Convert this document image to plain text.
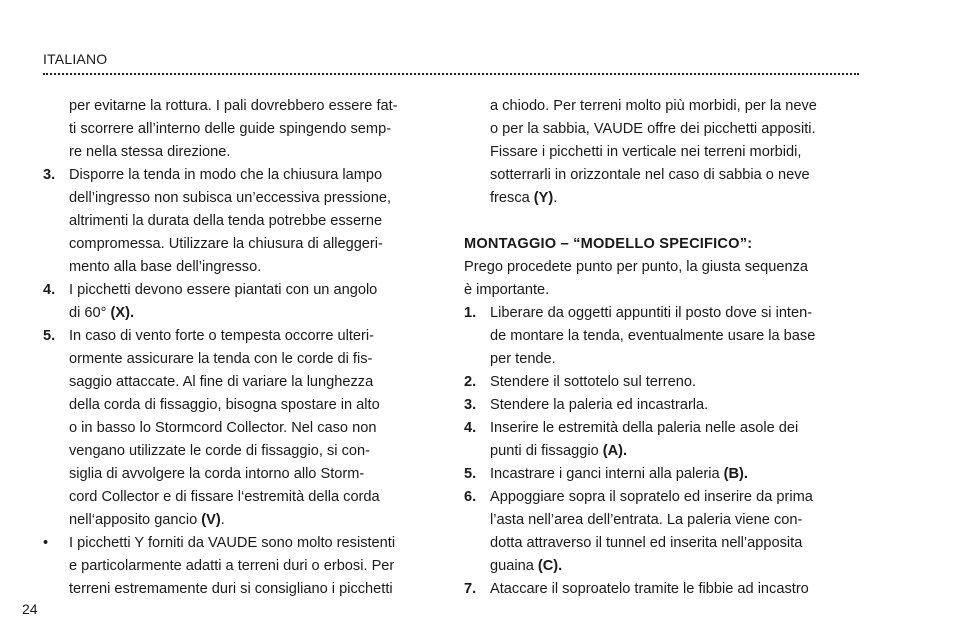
ITALIANO
per evitarne la rottura. I pali dovrebbero essere fat-
ti scorrere all’interno delle guide spingendo semp-
re nella stessa direzione.
3. Disporre la tenda in modo che la chiusura lampo
dell’ingresso non subisca un’eccessiva pressione,
altrimenti la durata della tenda potrebbe esserne
compromessa. Utilizzare la chiusura di alleggeri-
mento alla base dell’ingresso.
4. I picchetti devono essere piantati con un angolo
di 60° (X).
5. In caso di vento forte o tempesta occorre ulteri-
ormente assicurare la tenda con le corde di fis-
saggio attaccate. Al fine di variare la lunghezza
della corda di fissaggio, bisogna spostare in alto
o in basso lo Stormcord Collector. Nel caso non
vengano utilizzate le corde di fissaggio, si con-
siglia di avvolgere la corda intorno allo Storm-
cord Collector e di fissare l‘estremità della corda
nell‘apposito gancio (V).
•	I picchetti Y forniti da VAUDE sono molto resistenti
e particolarmente adatti a terreni duri o erbosi. Per
terreni estremamente duri si consigliano i picchetti
a chiodo. Per terreni molto più morbidi, per la neve
o per la sabbia, VAUDE offre dei picchetti appositi.
Fissare i picchetti in verticale nei terreni morbidi,
sotterrarli in orizzontale nel caso di sabbia o neve
fresca (Y).
MONTAGGIO – “MODELLO SPECIFICO”:
Prego procedete punto per punto, la giusta sequenza
è importante.
1. Liberare da oggetti appuntiti il posto dove si inten-
de montare la tenda, eventualmente usare la base
per tende.
2. Stendere il sottotelo sul terreno.
3. Stendere la paleria ed incastrarla.
4. Inserire le estremità della paleria nelle asole dei
punti di fissaggio (A).
5. Incastrare i ganci interni alla paleria (B).
6. Appoggiare sopra il sopratelo ed inserire da prima
l’asta nell’area dell’entrata. La paleria viene con-
dotta attraverso il tunnel ed inserita nell’apposita
guaina (C).
7. Ataccare il soproatelo tramite le fibbie ad incastro
24
